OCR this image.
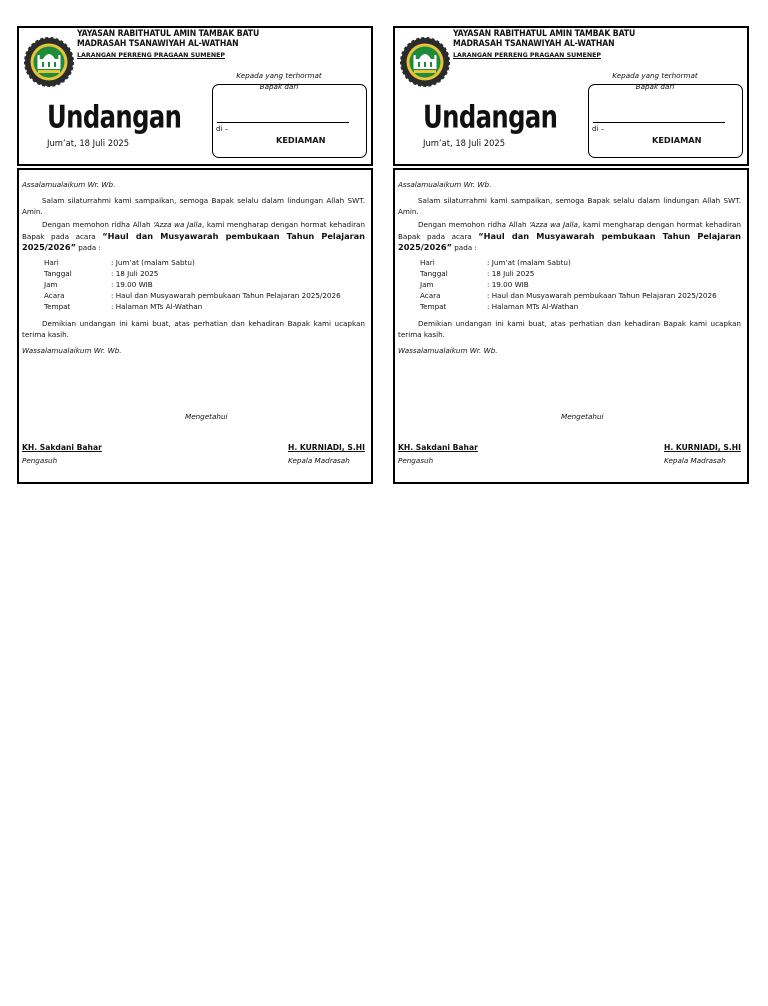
YAYASAN RABITHATUL AMIN TAMBAK BATU
MADRASAH TSANAWIYAH AL-WATHAN
LARANGAN PERRENG PRAGAAN SUMENEP
Kepada yang terhormat
Bapak dari
di –
KEDIAMAN
Undangan
Jum’at, 18 Juli 2025
Assalamualaikum Wr. Wb.
Salam silaturrahmi kami sampaikan, semoga Bapak selalu dalam lindungan Allah SWT. Amin.
Dengan memohon ridha Allah ‘Azza wa Jalla, kami mengharap dengan hormat kehadiran Bapak pada acara “Haul dan Musyawarah pembukaan Tahun Pelajaran 2025/2026” pada :
Hari	: Jum’at (malam Sabtu)
Tanggal	: 18 Juli 2025
Jam	: 19.00 WIB
Acara	: Haul dan Musyawarah pembukaan Tahun Pelajaran 2025/2026
Tempat	: Halaman MTs Al-Wathan
Demikian undangan ini kami buat, atas perhatian dan kehadiran Bapak kami ucapkan terima kasih.
Wassalamualaikum Wr. Wb.
Mengetahui
KH. Sakdani Bahar
Pengasuh
H. KURNIADI, S.HI
Kepala Madrasah
YAYASAN RABITHATUL AMIN TAMBAK BATU
MADRASAH TSANAWIYAH AL-WATHAN
LARANGAN PERRENG PRAGAAN SUMENEP
Kepada yang terhormat
Bapak dari
di –
KEDIAMAN
Undangan
Jum’at, 18 Juli 2025
Assalamualaikum Wr. Wb.
Salam silaturrahmi kami sampaikan, semoga Bapak selalu dalam lindungan Allah SWT. Amin.
Dengan memohon ridha Allah ‘Azza wa Jalla, kami mengharap dengan hormat kehadiran Bapak pada acara “Haul dan Musyawarah pembukaan Tahun Pelajaran 2025/2026” pada :
Hari	: Jum’at (malam Sabtu)
Tanggal	: 18 Juli 2025
Jam	: 19.00 WIB
Acara	: Haul dan Musyawarah pembukaan Tahun Pelajaran 2025/2026
Tempat	: Halaman MTs Al-Wathan
Demikian undangan ini kami buat, atas perhatian dan kehadiran Bapak kami ucapkan terima kasih.
Wassalamualaikum Wr. Wb.
Mengetahui
KH. Sakdani Bahar
Pengasuh
H. KURNIADI, S.HI
Kepala Madrasah
